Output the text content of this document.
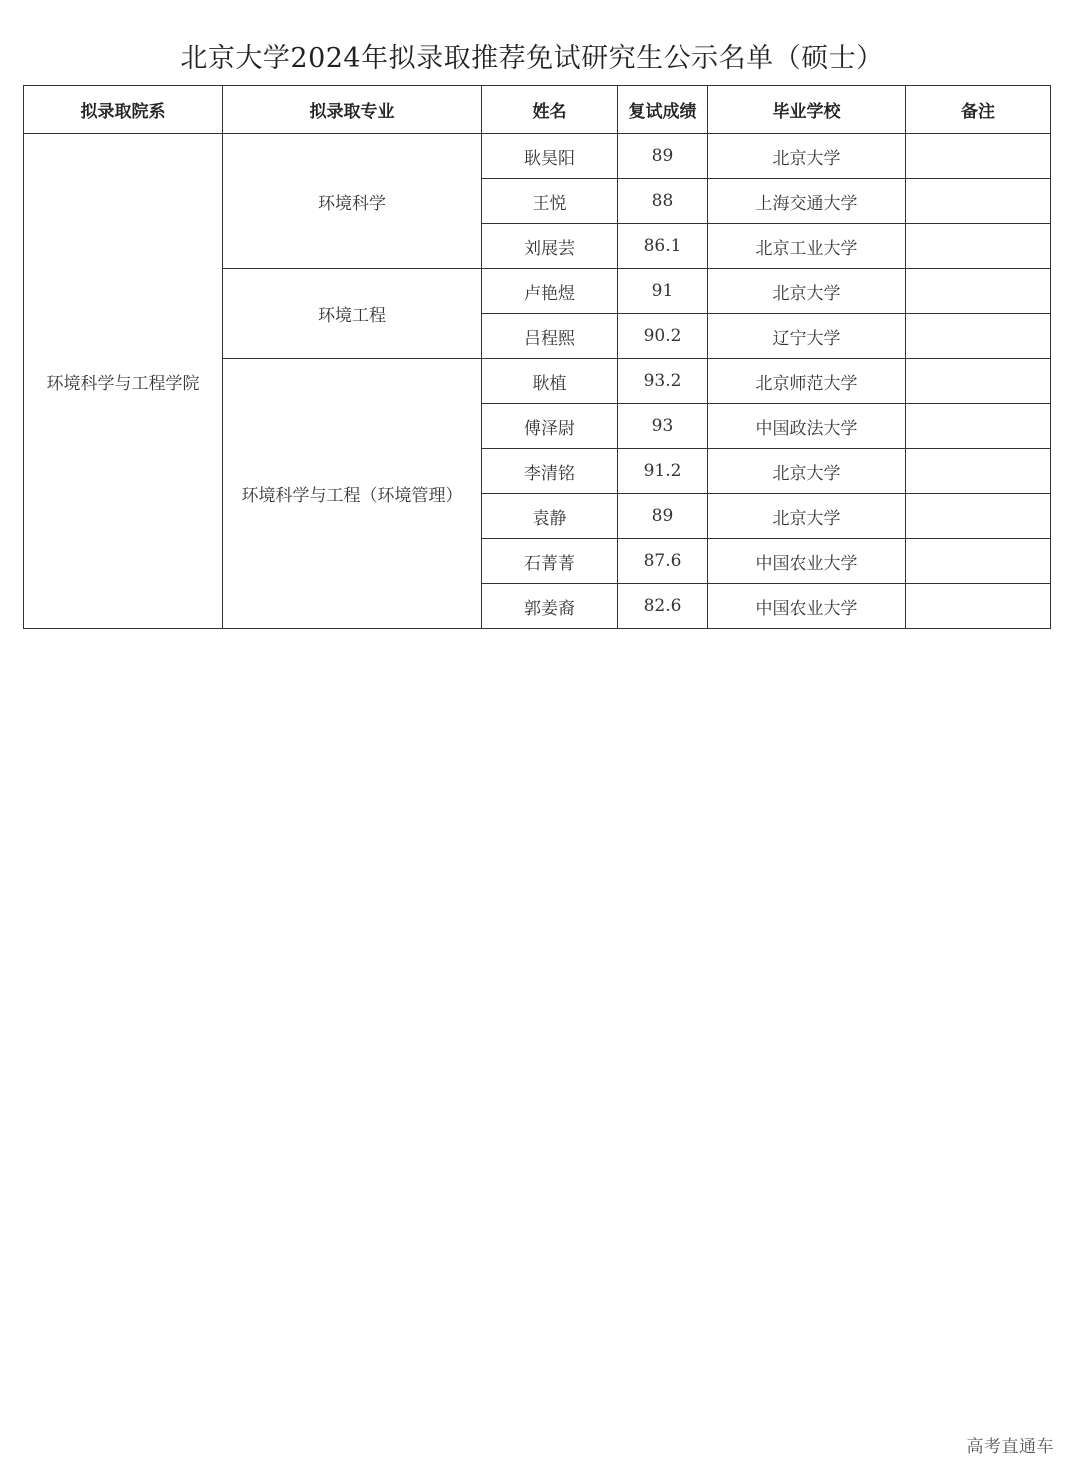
北京大学2024年拟录取推荐免试研究生公示名单（硕士）
拟录取院系	拟录取专业	姓名	复试成绩	毕业学校	备注
环境科学与工程学院	环境科学	耿昊阳	89	北京大学	
		王悦	88	上海交通大学	
		刘展芸	86.1	北京工业大学	
	环境工程	卢艳煜	91	北京大学	
		吕程熙	90.2	辽宁大学	
	环境科学与工程（环境管理）	耿植	93.2	北京师范大学	
		傅泽尉	93	中国政法大学	
		李清铭	91.2	北京大学	
		袁静	89	北京大学	
		石菁菁	87.6	中国农业大学	
		郭姜裔	82.6	中国农业大学	
高考直通车
